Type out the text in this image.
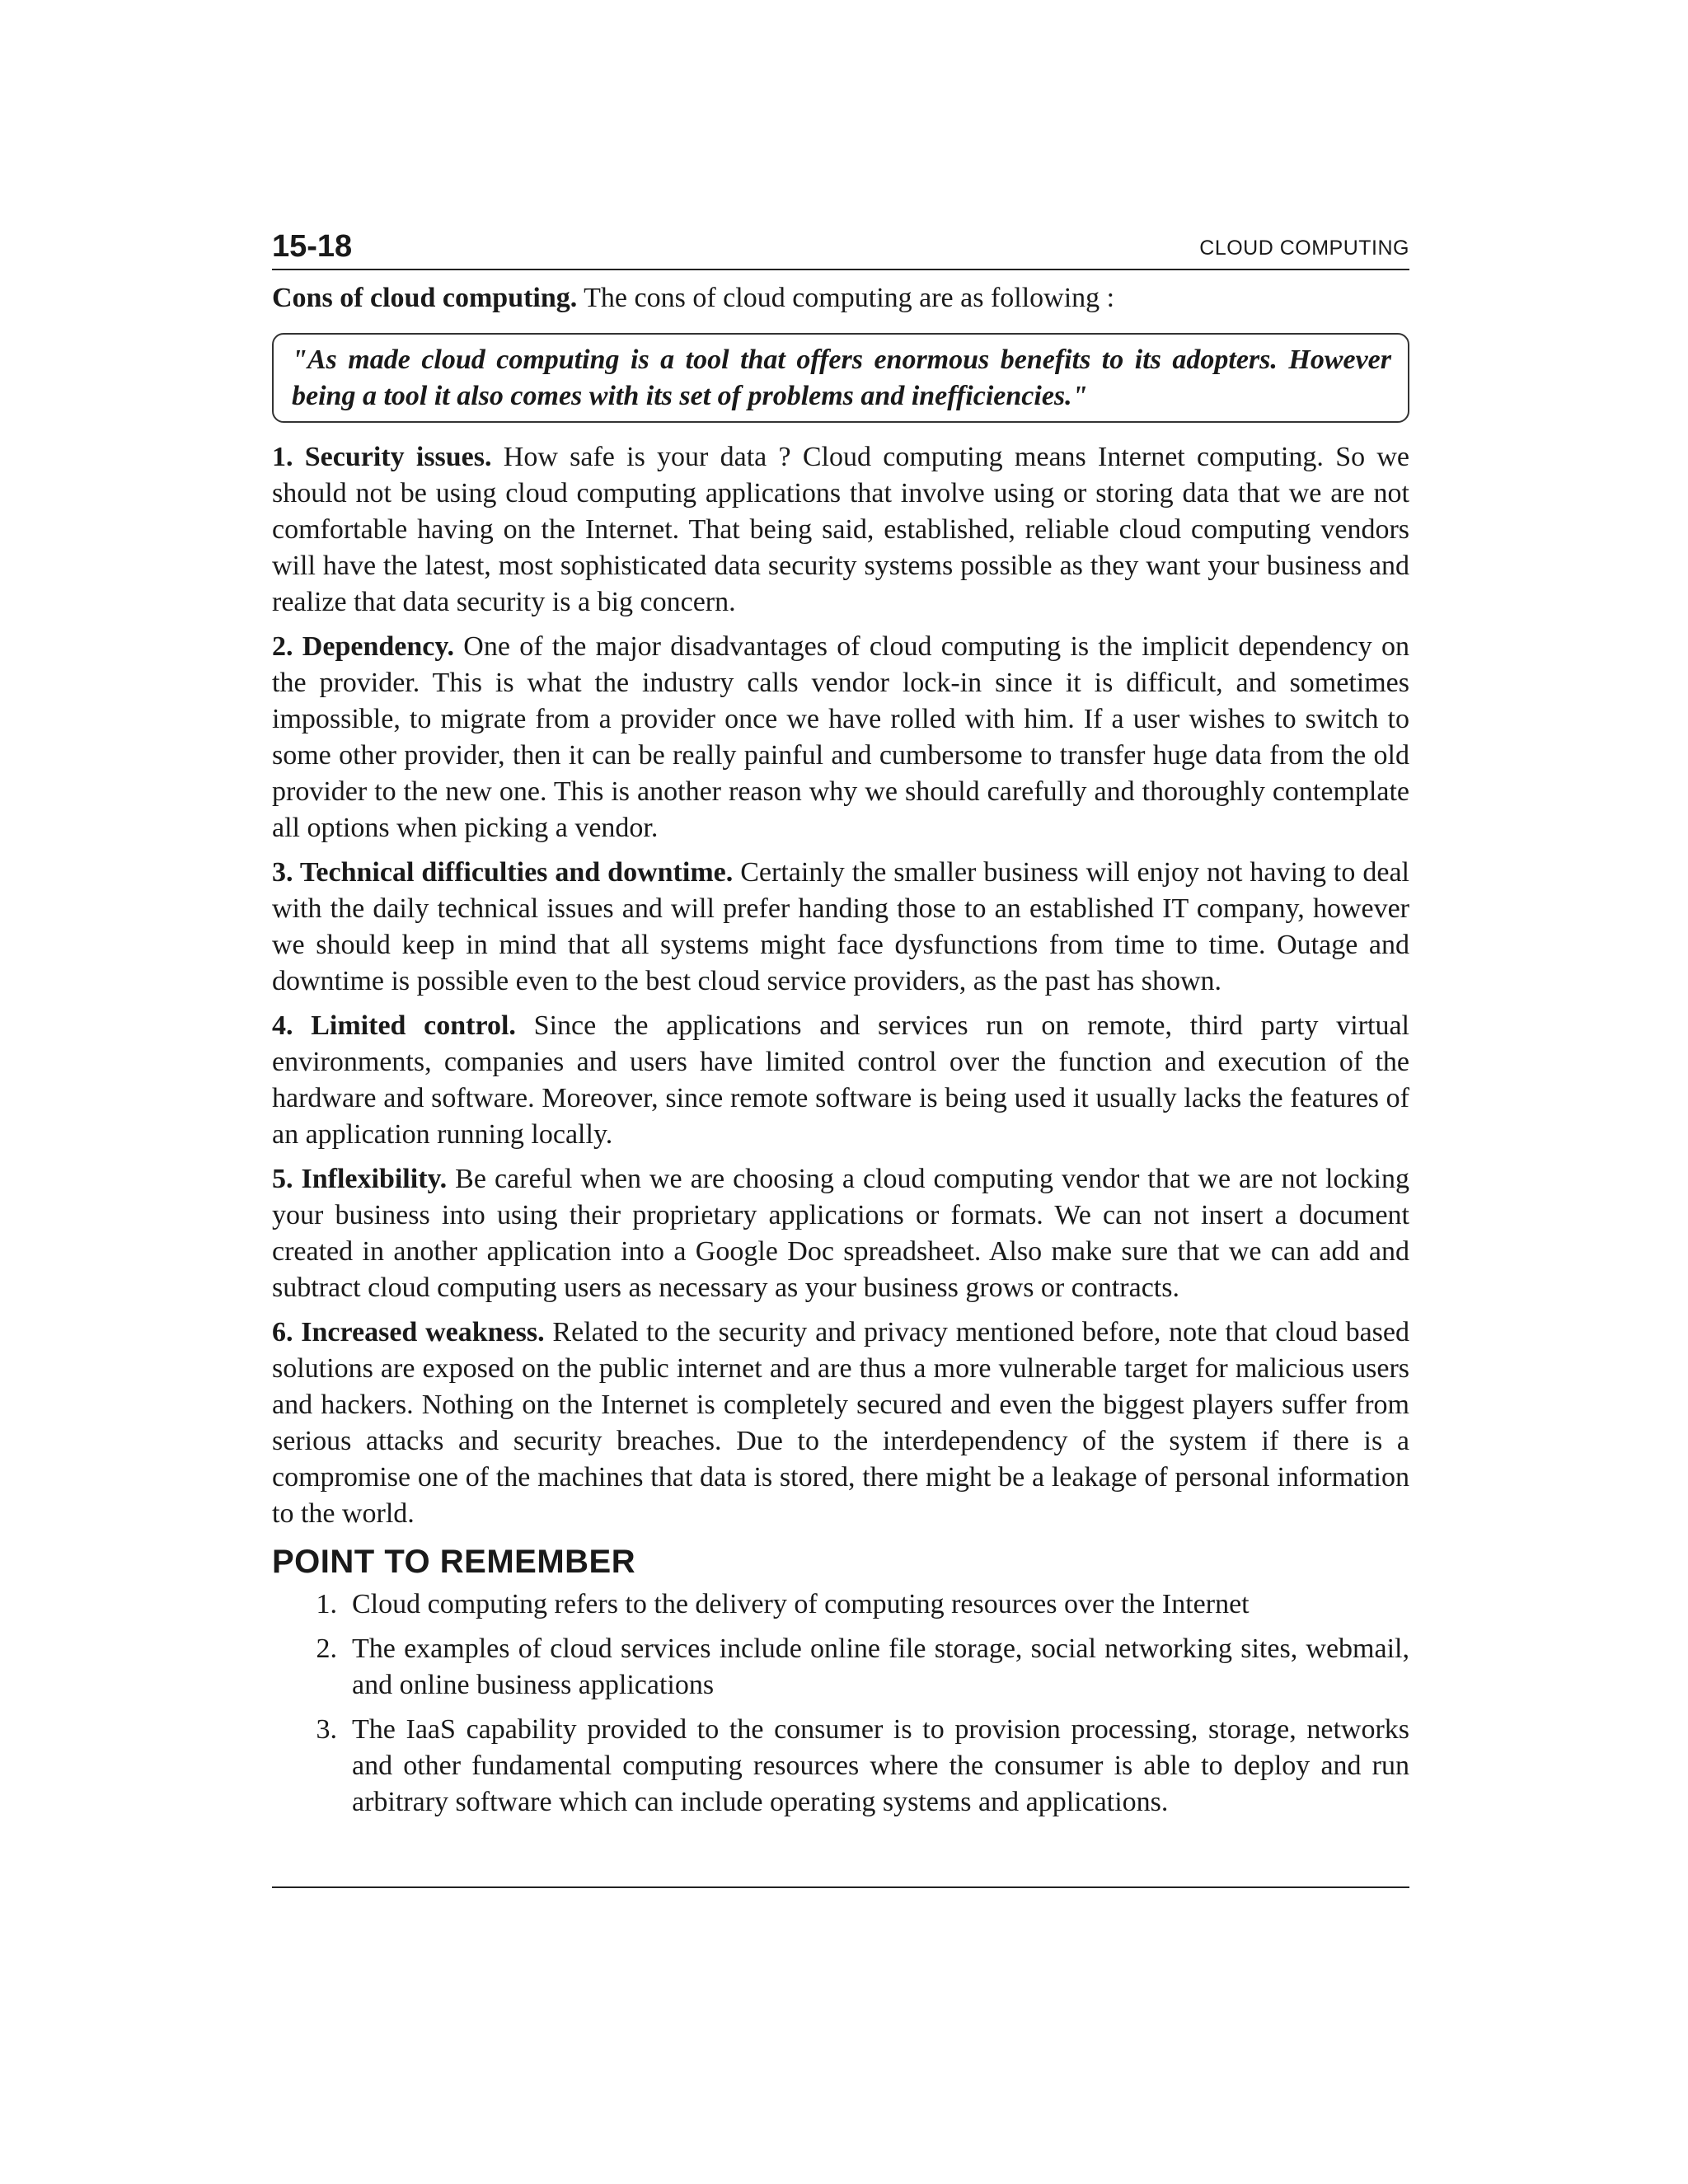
15-18	CLOUD COMPUTING

Cons of cloud computing. The cons of cloud computing are as following :

"As made cloud computing is a tool that offers enormous benefits to its adopters. However being a tool it also comes with its set of problems and inefficiencies."

1. Security issues. How safe is your data ? Cloud computing means Internet computing. So we should not be using cloud computing applications that involve using or storing data that we are not comfortable having on the Internet. That being said, established, reliable cloud computing vendors will have the latest, most sophisticated data security systems possible as they want your business and realize that data security is a big concern.

2. Dependency. One of the major disadvantages of cloud computing is the implicit dependency on the provider. This is what the industry calls vendor lock-in since it is difficult, and sometimes impossible, to migrate from a provider once we have rolled with him. If a user wishes to switch to some other provider, then it can be really painful and cumbersome to transfer huge data from the old provider to the new one. This is another reason why we should carefully and thoroughly contemplate all options when picking a vendor.

3. Technical difficulties and downtime. Certainly the smaller business will enjoy not having to deal with the daily technical issues and will prefer handing those to an established IT company, however we should keep in mind that all systems might face dysfunctions from time to time. Outage and downtime is possible even to the best cloud service providers, as the past has shown.

4. Limited control. Since the applications and services run on remote, third party virtual environments, companies and users have limited control over the function and execution of the hardware and software. Moreover, since remote software is being used it usually lacks the features of an application running locally.

5. Inflexibility. Be careful when we are choosing a cloud computing vendor that we are not locking your business into using their proprietary applications or formats. We can not insert a document created in another application into a Google Doc spreadsheet. Also make sure that we can add and subtract cloud computing users as necessary as your business grows or contracts.

6. Increased weakness. Related to the security and privacy mentioned before, note that cloud based solutions are exposed on the public internet and are thus a more vulnerable target for malicious users and hackers. Nothing on the Internet is completely secured and even the biggest players suffer from serious attacks and security breaches. Due to the interdependency of the system if there is a compromise one of the machines that data is stored, there might be a leakage of personal information to the world.

POINT TO REMEMBER
1. Cloud computing refers to the delivery of computing resources over the Internet

2. The examples of cloud services include online file storage, social networking sites, webmail, and online business applications

3. The IaaS capability provided to the consumer is to provision processing, storage, networks and other fundamental computing resources where the consumer is able to deploy and run arbitrary software which can include operating systems and applications.
